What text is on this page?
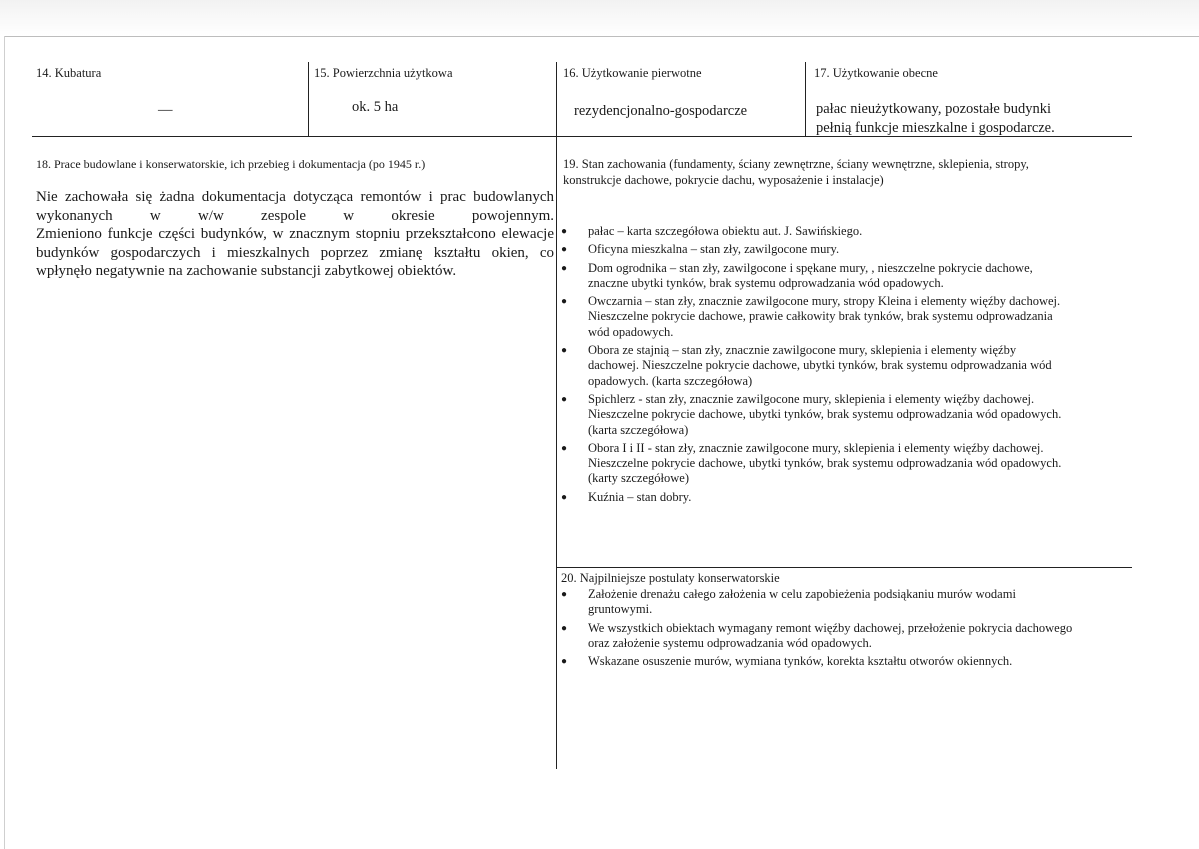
14. Kubatura
—
15. Powierzchnia użytkowa
ok. 5 ha
16. Użytkowanie pierwotne
rezydencjonalno-gospodarcze
17. Użytkowanie obecne
pałac nieużytkowany, pozostałe budynki
pełnią funkcje mieszkalne i gospodarcze.
18. Prace budowlane i konserwatorskie, ich przebieg i dokumentacja (po 1945 r.)

Nie zachowała się żadna dokumentacja dotycząca remontów i prac budowlanych wykonanych w w/w zespole w okresie powojennym.

Zmieniono funkcje części budynków, w znacznym stopniu przekształcono elewacje budynków gospodarczych i mieszkalnych poprzez zmianę kształtu okien, co wpłynęło negatywnie na zachowanie substancji zabytkowej obiektów.

19. Stan zachowania (fundamenty, ściany zewnętrzne, ściany wewnętrzne, sklepienia, stropy,
konstrukcje dachowe, pokrycie dachu, wyposażenie i instalacje)
● pałac – karta szczegółowa obiektu aut. J. Sawińskiego.
● Oficyna mieszkalna – stan zły, zawilgocone mury.
● Dom ogrodnika – stan zły, zawilgocone i spękane mury, , nieszczelne pokrycie dachowe,
znaczne ubytki tynków, brak systemu odprowadzania wód opadowych.
● Owczarnia – stan zły, znacznie zawilgocone mury, stropy Kleina i elementy więźby dachowej.
Nieszczelne pokrycie dachowe, prawie całkowity brak tynków, brak systemu odprowadzania
wód opadowych.
● Obora ze stajnią – stan zły, znacznie zawilgocone mury, sklepienia i elementy więźby
dachowej. Nieszczelne pokrycie dachowe, ubytki tynków, brak systemu odprowadzania wód
opadowych. (karta szczegółowa)
● Spichlerz - stan zły, znacznie zawilgocone mury, sklepienia i elementy więźby dachowej.
Nieszczelne pokrycie dachowe, ubytki tynków, brak systemu odprowadzania wód opadowych.
(karta szczegółowa)
● Obora I i II - stan zły, znacznie zawilgocone mury, sklepienia i elementy więźby dachowej.
Nieszczelne pokrycie dachowe, ubytki tynków, brak systemu odprowadzania wód opadowych.
(karty szczegółowe)
● Kuźnia – stan dobry.
20. Najpilniejsze postulaty konserwatorskie
● Założenie drenażu całego założenia w celu zapobieżenia podsiąkaniu murów wodami
gruntowymi.
● We wszystkich obiektach wymagany remont więźby dachowej, przełożenie pokrycia dachowego
oraz założenie systemu odprowadzania wód opadowych.
● Wskazane osuszenie murów, wymiana tynków, korekta kształtu otworów okiennych.
